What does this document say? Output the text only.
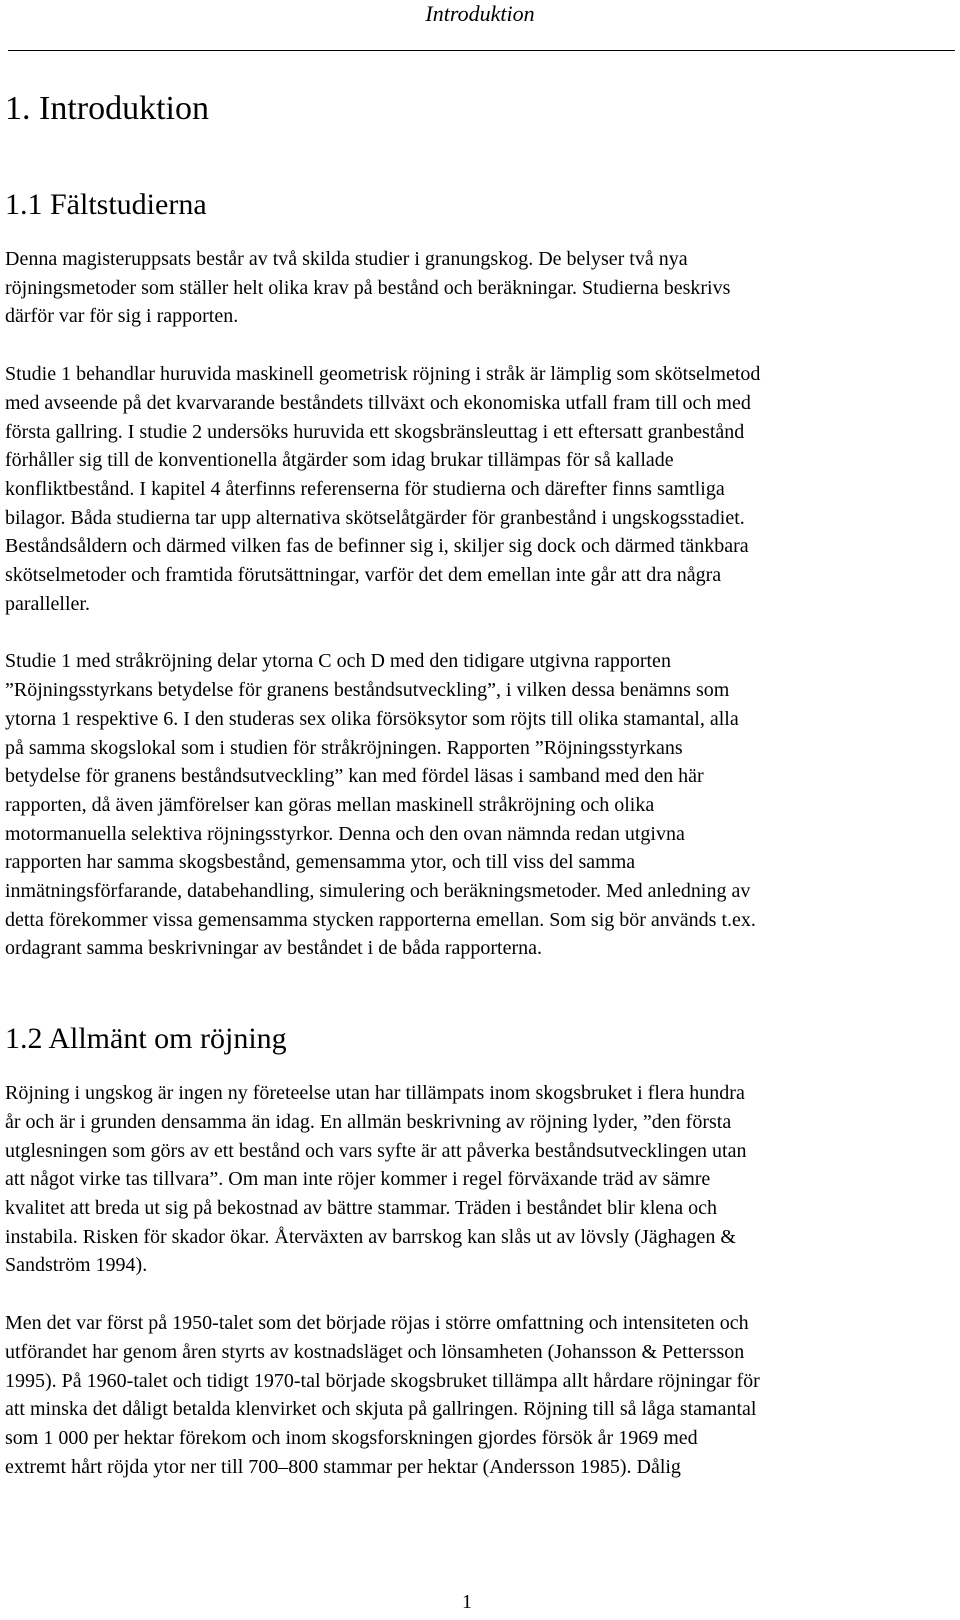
Introduktion
1. Introduktion
1.1 Fältstudierna

Denna magisteruppsats består av två skilda studier i granungskog. De belyser två nya
röjningsmetoder som ställer helt olika krav på bestånd och beräkningar. Studierna beskrivs
därför var för sig i rapporten.

Studie 1 behandlar huruvida maskinell geometrisk röjning i stråk är lämplig som skötselmetod
med avseende på det kvarvarande beståndets tillväxt och ekonomiska utfall fram till och med
första gallring. I studie 2 undersöks huruvida ett skogsbränsleuttag i ett eftersatt granbestånd
förhåller sig till de konventionella åtgärder som idag brukar tillämpas för så kallade
konfliktbestånd. I kapitel 4 återfinns referenserna för studierna och därefter finns samtliga
bilagor. Båda studierna tar upp alternativa skötselåtgärder för granbestånd i ungskogsstadiet.
Beståndsåldern och därmed vilken fas de befinner sig i, skiljer sig dock och därmed tänkbara
skötselmetoder och framtida förutsättningar, varför det dem emellan inte går att dra några
paralleller.

Studie 1 med stråkröjning delar ytorna C och D med den tidigare utgivna rapporten
”Röjningsstyrkans betydelse för granens beståndsutveckling”, i vilken dessa benämns som
ytorna 1 respektive 6. I den studeras sex olika försöksytor som röjts till olika stamantal, alla
på samma skogslokal som i studien för stråkröjningen. Rapporten ”Röjningsstyrkans
betydelse för granens beståndsutveckling” kan med fördel läsas i samband med den här
rapporten, då även jämförelser kan göras mellan maskinell stråkröjning och olika
motormanuella selektiva röjningsstyrkor. Denna och den ovan nämnda redan utgivna
rapporten har samma skogsbestånd, gemensamma ytor, och till viss del samma
inmätningsförfarande, databehandling, simulering och beräkningsmetoder. Med anledning av
detta förekommer vissa gemensamma stycken rapporterna emellan. Som sig bör används t.ex.
ordagrant samma beskrivningar av beståndet i de båda rapporterna.

1.2 Allmänt om röjning

Röjning i ungskog är ingen ny företeelse utan har tillämpats inom skogsbruket i flera hundra
år och är i grunden densamma än idag. En allmän beskrivning av röjning lyder, ”den första
utglesningen som görs av ett bestånd och vars syfte är att påverka beståndsutvecklingen utan
att något virke tas tillvara”. Om man inte röjer kommer i regel förväxande träd av sämre
kvalitet att breda ut sig på bekostnad av bättre stammar. Träden i beståndet blir klena och
instabila. Risken för skador ökar. Återväxten av barrskog kan slås ut av lövsly (Jäghagen &
Sandström 1994).

Men det var först på 1950-talet som det började röjas i större omfattning och intensiteten och
utförandet har genom åren styrts av kostnadsläget och lönsamheten (Johansson & Pettersson
1995). På 1960-talet och tidigt 1970-tal började skogsbruket tillämpa allt hårdare röjningar för
att minska det dåligt betalda klenvirket och skjuta på gallringen. Röjning till så låga stamantal
som 1 000 per hektar förekom och inom skogsforskningen gjordes försök år 1969 med
extremt hårt röjda ytor ner till 700–800 stammar per hektar (Andersson 1985). Dålig

1
